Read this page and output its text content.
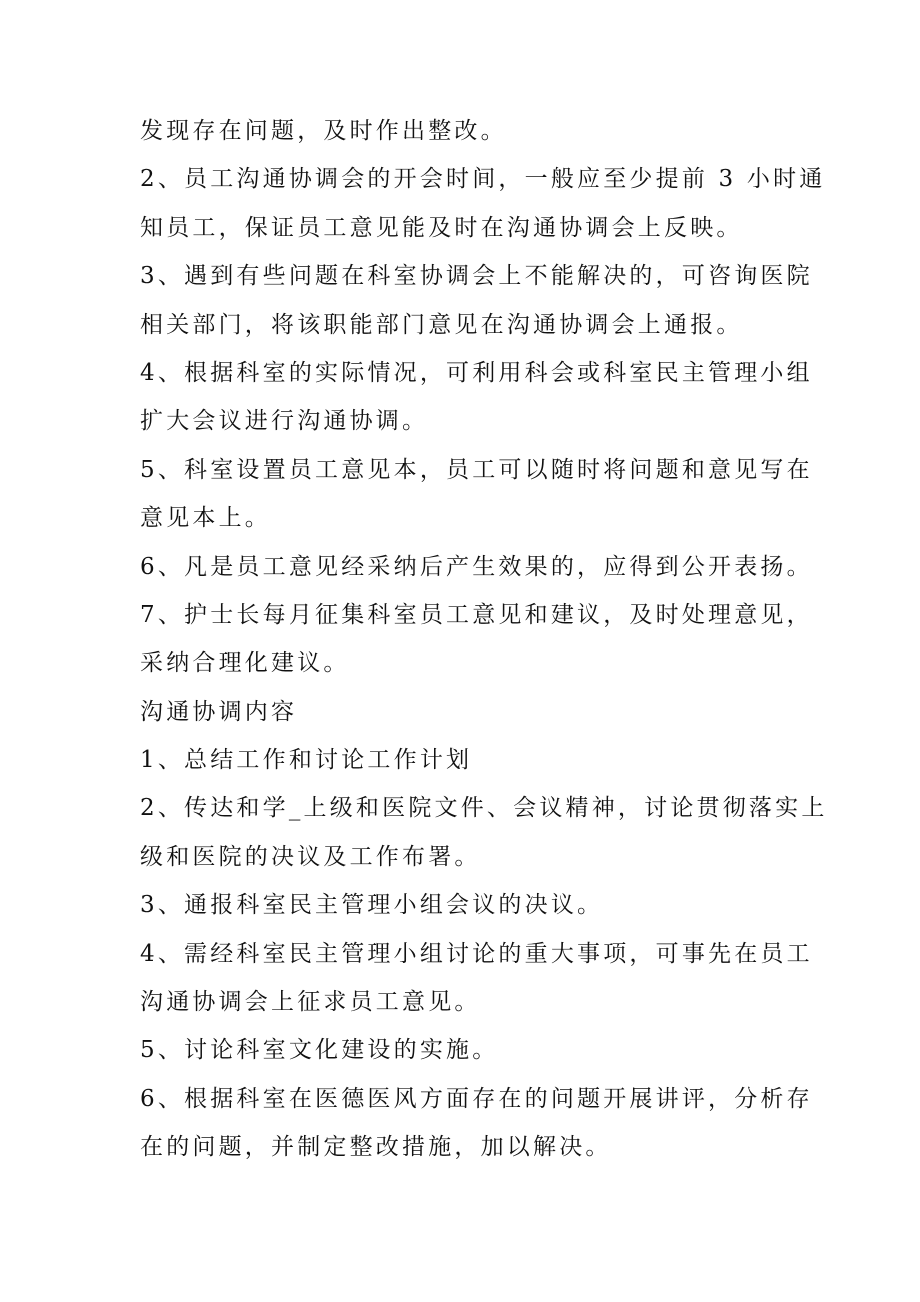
发现存在问题，及时作出整改。
2、员工沟通协调会的开会时间，一般应至少提前 3 小时通
知员工，保证员工意见能及时在沟通协调会上反映。
3、遇到有些问题在科室协调会上不能解决的，可咨询医院
相关部门，将该职能部门意见在沟通协调会上通报。
4、根据科室的实际情况，可利用科会或科室民主管理小组
扩大会议进行沟通协调。
5、科室设置员工意见本，员工可以随时将问题和意见写在
意见本上。
6、凡是员工意见经采纳后产生效果的，应得到公开表扬。
7、护士长每月征集科室员工意见和建议，及时处理意见，
采纳合理化建议。
沟通协调内容
1、总结工作和讨论工作计划
2、传达和学_上级和医院文件、会议精神，讨论贯彻落实上
级和医院的决议及工作布署。
3、通报科室民主管理小组会议的决议。
4、需经科室民主管理小组讨论的重大事项，可事先在员工
沟通协调会上征求员工意见。
5、讨论科室文化建设的实施。
6、根据科室在医德医风方面存在的问题开展讲评，分析存
在的问题，并制定整改措施，加以解决。
